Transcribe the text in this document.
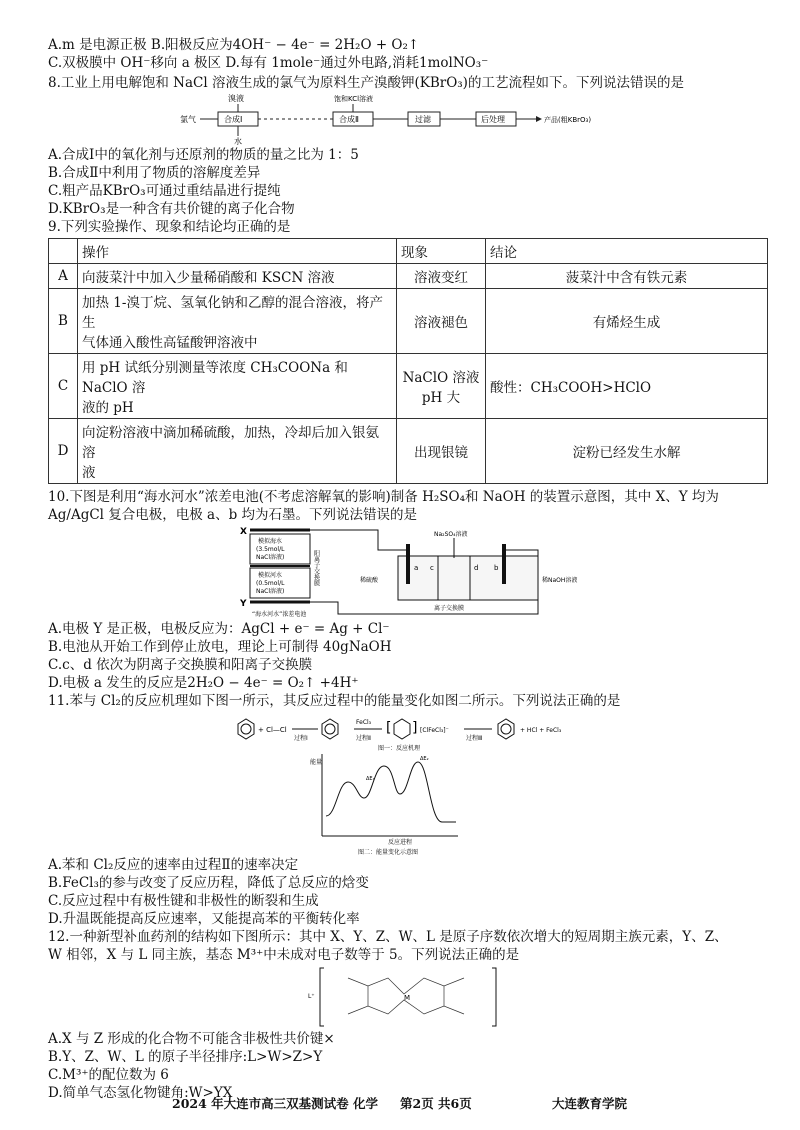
A.m 是电源正极 B.阳极反应为4OH⁻ − 4e⁻ = 2H₂O + O₂↑

C.双极膜中 OH⁻移向 a 极区 D.每有 1mole⁻通过外电路,消耗1molNO₃⁻

8.工业上用电解饱和 NaCl 溶液生成的氯气为原料生产溴酸钾(KBrO₃)的工艺流程如下。下列说法错误的是

氯气
溴液
合成Ⅰ
水
饱和KCl溶液
合成Ⅱ	过滤	后处理	产品(粗KBrO₃)

A.合成Ⅰ中的氧化剂与还原剂的物质的量之比为 1：5

B.合成Ⅱ中利用了物质的溶解度差异

C.粗产品KBrO₃可通过重结晶进行提纯

D.KBrO₃是一种含有共价键的离子化合物

9.下列实验操作、现象和结论均正确的是

	操作	现象	结论
A	向菠菜汁中加入少量稀硝酸和 KSCN 溶液	溶液变红	菠菜汁中含有铁元素
B	加热 1-溴丁烷、氢氧化钠和乙醇的混合溶液，将产生
气体通入酸性高锰酸钾溶液中	溶液褪色	有烯烃生成
C	用 pH 试纸分别测量等浓度 CH₃COONa 和 NaClO 溶
液的 pH	NaClO 溶液
pH 大	酸性：CH₃COOH>HClO
D	向淀粉溶液中滴加稀硫酸，加热，冷却后加入银氨溶
液	出现银镜	淀粉已经发生水解

10.下图是利用“海水河水”浓差电池(不考虑溶解氧的影响)制备 H₂SO₄和 NaOH 的装置示意图，其中 X、Y 均为

Ag/AgCl 复合电极，电极 a、b 均为石墨。下列说法错误的是

X
模拟海水
(3.5mol/L
NaCl溶液)
模拟河水
(0.5mol/L
NaCl溶液)
Y
阳离子交换膜
“海水河水”浓差电池
a c	d b
Na₂SO₄溶液
稀硫酸	稀NaOH溶液
离子交换膜

A.电极 Y 是正极，电极反应为：AgCl + e⁻ = Ag + Cl⁻

B.电池从开始工作到停止放电，理论上可制得 40gNaOH

C.c、d 依次为阴离子交换膜和阳离子交换膜

D.电极 a 发生的反应是2H₂O − 4e⁻ = O₂↑ +4H⁺

11.苯与 Cl₂的反应机理如下图一所示，其反应过程中的能量变化如图二所示。下列说法正确的是

+ Cl—Cl
过程Ⅰ
FeCl₃
过程Ⅱ
[ ] [ClFeCl₃]⁻
过程Ⅲ
+ HCl + FeCl₃
图一：反应机理
能量
反应进程
ΔE₁
ΔE₂
图二：能量变化示意图

A.苯和 Cl₂反应的速率由过程Ⅱ的速率决定

B.FeCl₃的参与改变了反应历程，降低了总反应的焓变

C.反应过程中有极性键和非极性的断裂和生成

D.升温既能提高反应速率，又能提高苯的平衡转化率

12.一种新型补血药剂的结构如下图所示：其中 X、Y、Z、W、L 是原子序数依次增大的短周期主族元素，Y、Z、

W 相邻，X 与 L 同主族，基态 M³⁺中未成对电子数等于 5。下列说法正确的是

L⁺	M

A.X 与 Z 形成的化合物不可能含非极性共价键×

B.Y、Z、W、L 的原子半径排序:L>W>Z>Y

C.M³⁺的配位数为 6

D.简单气态氢化物键角:W>YX

2024 年大连市高三双基测试卷 化学 第2页 共6页	大连教育学院
